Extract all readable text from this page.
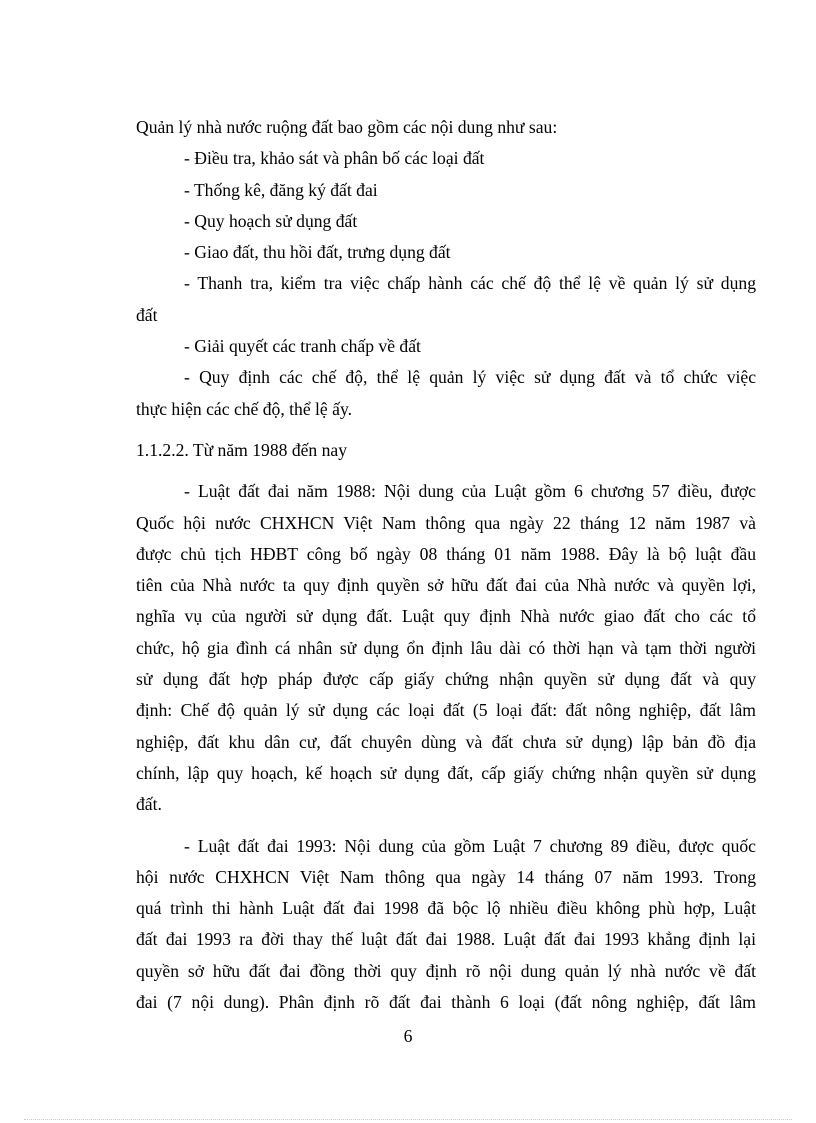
Quản lý nhà nước ruộng đất bao gồm các nội dung như sau:

- Điều tra, khảo sát và phân bố các loại đất

- Thống kê, đăng ký đất đai

- Quy hoạch sử dụng đất

- Giao đất, thu hồi đất, trưng dụng đất

- Thanh tra, kiểm tra việc chấp hành các chế độ thể lệ về quản lý sử dụng

đất

- Giải quyết các tranh chấp về đất

- Quy định các chế độ, thể lệ quản lý việc sử dụng đất và tổ chức việc

thực hiện các chế độ, thể lệ ấy.

1.1.2.2. Từ năm 1988 đến nay

- Luật đất đai năm 1988: Nội dung của Luật gồm 6 chương 57 điều, được

Quốc hội nước CHXHCN Việt Nam thông qua ngày 22 tháng 12 năm 1987 và

được chủ tịch HĐBT công bố ngày 08 tháng 01 năm 1988. Đây là bộ luật đầu

tiên của Nhà nước ta quy định quyền sở hữu đất đai của Nhà nước và quyền lợi,

nghĩa vụ của người sử dụng đất. Luật quy định Nhà nước giao đất cho các tổ

chức, hộ gia đình cá nhân sử dụng ổn định lâu dài có thời hạn và tạm thời người

sử dụng đất hợp pháp được cấp giấy chứng nhận quyền sử dụng đất và quy

định: Chế độ quản lý sử dụng các loại đất (5 loại đất: đất nông nghiệp, đất lâm

nghiệp, đất khu dân cư, đất chuyên dùng và đất chưa sử dụng) lập bản đồ địa

chính, lập quy hoạch, kế hoạch sử dụng đất, cấp giấy chứng nhận quyền sử dụng

đất.

- Luật đất đai 1993: Nội dung của gồm Luật 7 chương 89 điều, được quốc

hội nước CHXHCN Việt Nam thông qua ngày 14 tháng 07 năm 1993. Trong

quá trình thi hành Luật đất đai 1998 đã bộc lộ nhiều điều không phù hợp, Luật

đất đai 1993 ra đời thay thế luật đất đai 1988. Luật đất đai 1993 khẳng định lại

quyền sở hữu đất đai đồng thời quy định rõ nội dung quản lý nhà nước về đất

đai (7 nội dung). Phân định rõ đất đai thành 6 loại (đất nông nghiệp, đất lâm

6
